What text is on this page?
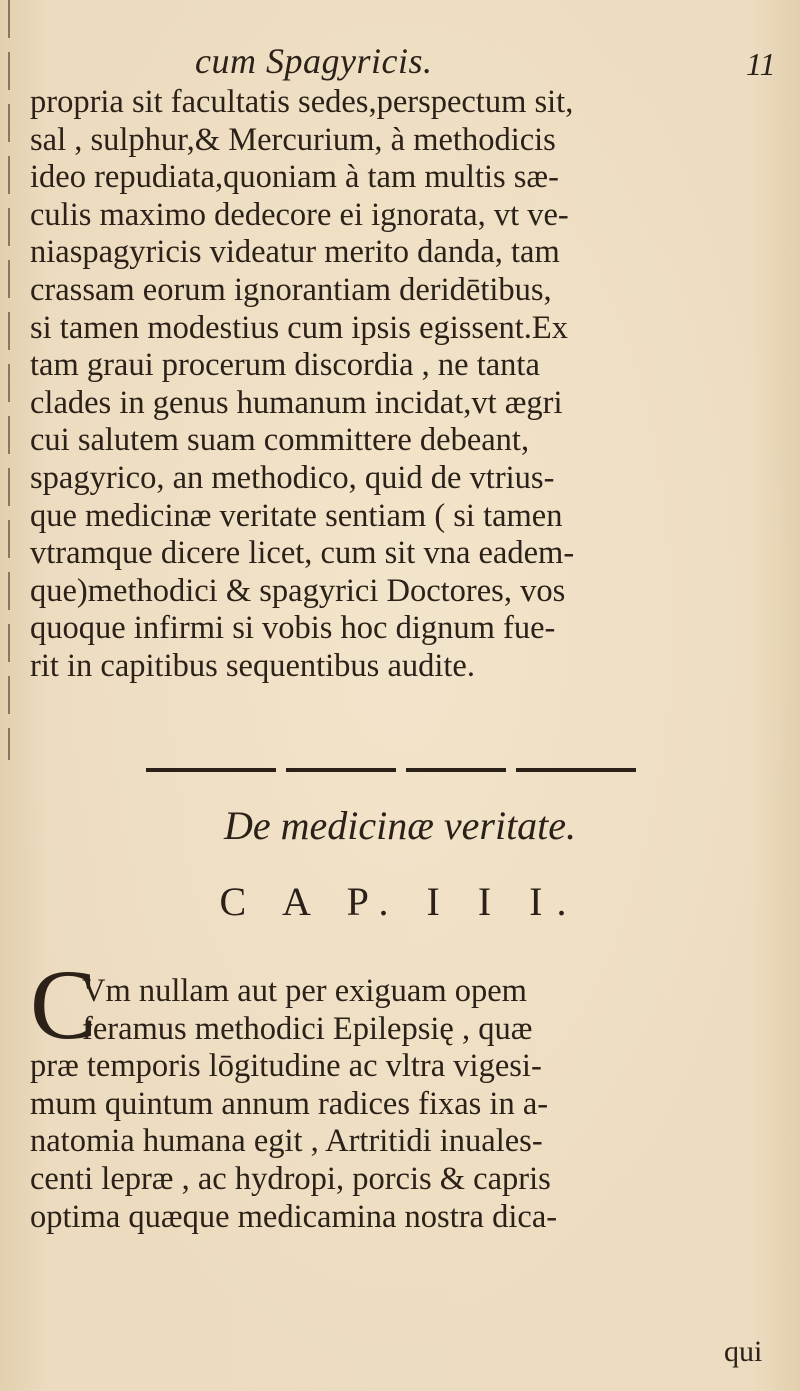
cum Spagyricis.	11
propria sit facultatis sedes,perspectum sit,
sal , sulphur,& Mercurium, à methodicis
ideo repudiata,quoniam à tam multis sæ-
culis maximo dedecore ei ignorata, vt ve-
niaspagyricis videatur merito danda, tam
crassam eorum ignorantiam deridētibus,
si tamen modestius cum ipsis egissent.Ex
tam graui procerum discordia , ne tanta
clades in genus humanum incidat,vt ægri
cui salutem suam committere debeant,
spagyrico, an methodico, quid de vtrius-
que medicinæ veritate sentiam ( si tamen
vtramque dicere licet, cum sit vna eadem-
que)methodici & spagyrici Doctores, vos
quoque infirmi si vobis hoc dignum fue-
rit in capitibus sequentibus audite.
De medicinæ veritate.
C A P. I I I.
C
Vm nullam aut per exiguam opem
feramus methodici Epilepsię , quæ
præ temporis lōgitudine ac vltra vigesi-
mum quintum annum radices fixas in a-
natomia humana egit , Artritidi inuales-
centi lepræ , ac hydropi, porcis & capris
optima quæque medicamina nostra dica-
qui
